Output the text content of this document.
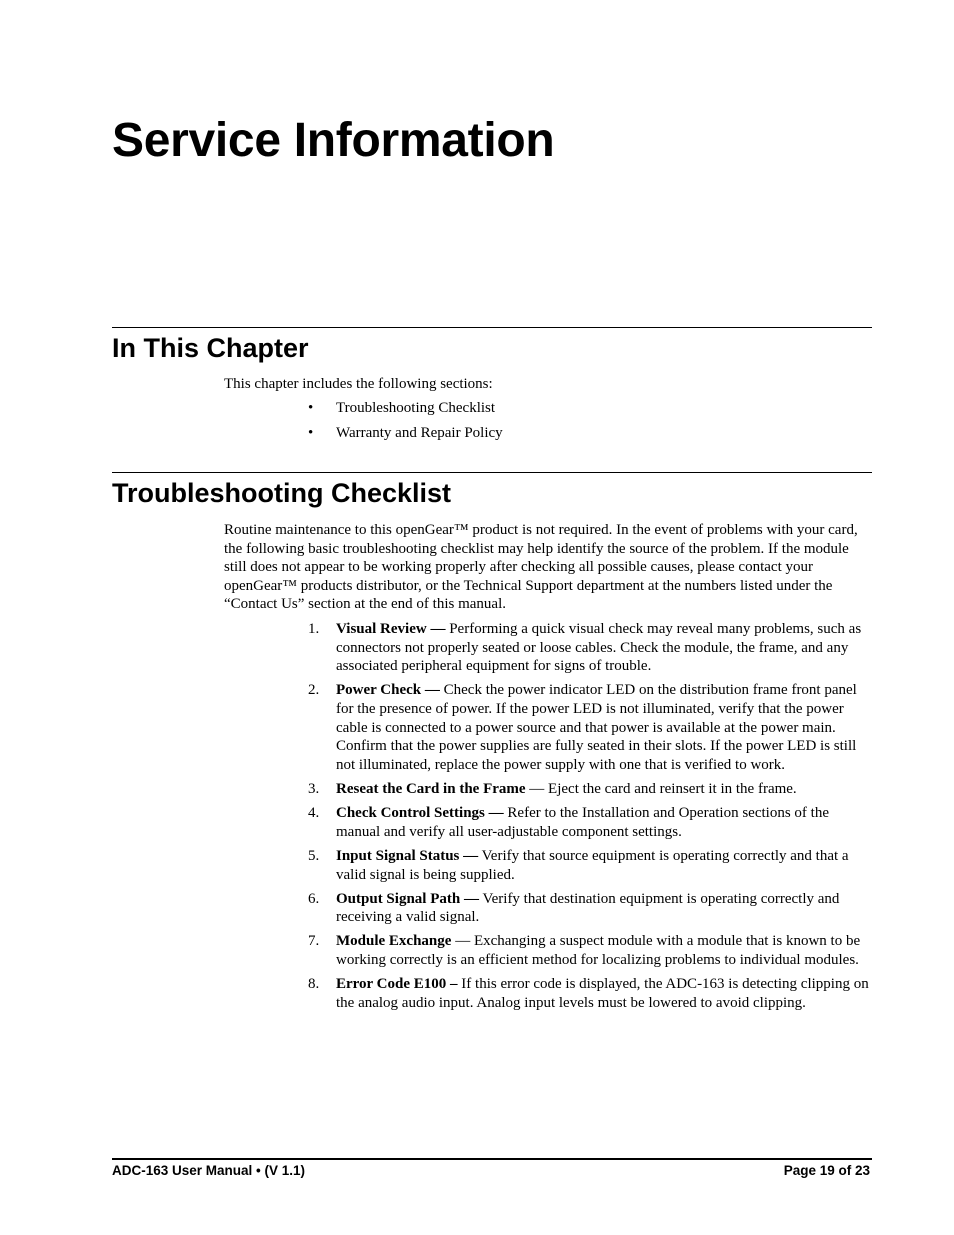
Service Information
In This Chapter

This chapter includes the following sections:

• Troubleshooting Checklist
• Warranty and Repair Policy
Troubleshooting Checklist

Routine maintenance to this openGear™ product is not required. In the event of problems with your card, the following basic troubleshooting checklist may help identify the source of the problem. If the module still does not appear to be working properly after checking all possible causes, please contact your openGear™ products distributor, or the Technical Support department at the numbers listed under the “Contact Us” section at the end of this manual.

1. Visual Review — Performing a quick visual check may reveal many problems, such as connectors not properly seated or loose cables. Check the module, the frame, and any associated peripheral equipment for signs of trouble.
2. Power Check — Check the power indicator LED on the distribution frame front panel for the presence of power. If the power LED is not illuminated, verify that the power cable is connected to a power source and that power is available at the power main. Confirm that the power supplies are fully seated in their slots. If the power LED is still not illuminated, replace the power supply with one that is verified to work.
3. Reseat the Card in the Frame — Eject the card and reinsert it in the frame.
4. Check Control Settings — Refer to the Installation and Operation sections of the manual and verify all user-adjustable component settings.
5. Input Signal Status — Verify that source equipment is operating correctly and that a valid signal is being supplied.
6. Output Signal Path — Verify that destination equipment is operating correctly and receiving a valid signal.
7. Module Exchange — Exchanging a suspect module with a module that is known to be working correctly is an efficient method for localizing problems to individual modules.
8. Error Code E100 – If this error code is displayed, the ADC-163 is detecting clipping on the analog audio input. Analog input levels must be lowered to avoid clipping.
ADC-163 User Manual • (V 1.1)	Page 19 of 23
